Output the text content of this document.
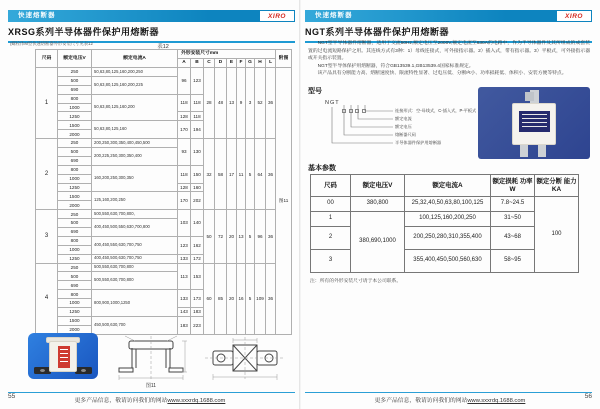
快速熔断器	XIRO
XRSG系列半导体器件保护用熔断器
(螺栓体M型快速熔断器外形安装尺寸见表12
表12
尺码	额定电压V	额定电流A	外形安装尺寸mm									附图
			A	B	C	D	E	F	G	H	L	
1	250	50,63,80,125,160,200,250	96	123	28	48	13	9	3	52	36	图11
	500	50,63,80,125,160,200,225										
	690											
	800	50,63,80,125,160,200	118	118								
	1000											
	1250		128	118								
	1500	50,63,80,125,160	170	194								
	2000											
2	250	200,250,300,350,400,450,500	93	130	32	58	17	11	5	64	36	
	500	200,225,250,300,350,400										
	690											
	800	160,200,250,300,350	118	150								
	1000											
	1250		128	160								
	1500	125,160,200,250	170	202								
	2000											
3	250	500,550,630,700,800,	103	140	50	72	20	13	5	96	36	
	500	400,450,500,550,630,700,800										
	690											
	800	400,450,550,630,700,750	123	162								
	1000											
	1250	400,450,500,630,700,750	133	172								
4	250	500,550,630,700,800	113	153	60	85	20	16	5	109	36	
	500	500,550,630,700,800										
	690											
	800	800,900,1000,1250	133	173								
	1000											
	1250		143	183								
	1500	450,500,630,700	183	223								
	2000											
图11
55
更多产品信息，敬请访问我们的网站www.sxxrdq.1688.com
快速熔断器	XIRO
NGT系列半导体器件保护用熔断器
NGT型半导体器件熔断器，适用于交流50Hz,额定电压至2000V,额定电流至630A的电路中，作为半导体器件及其所组成的成套装置的过电流短路保护之用。其连线方式有3种：1）母线连接式，可外接指示器。2）插入式，带有指示器。3）平板式，可外接指示器或开关指示装置。
NGT型半导体保护用熔断器，符合GB13539.1,GB13539.4国家标准规定。
该产品具有分断能力高、熔断速度快、限流特性显著、过电压低、分断I²t小、功率损耗低、体积小、安装方便等特点。
型号
NGT
连接形式：空-母线式，C-插入式，P-平板式
额定电流
额定电压
熔断器尺码
半导体器件保护用熔断器
基本参数
尺码	额定电压V	额定电流A	额定损耗 功率W	额定分断 能力KA
00	380,800	25,32,40,50,63,80,100,125	7.8~24.5	100
1	380,690,1000	100,125,160,200,250	31~50	
2		200,250,280,310,355,400	43~68	
3		355,400,450,500,560,630	58~95	
注：所有的外形安装尺寸请于本公司联系。
更多产品信息，敬请访问我们的网站www.sxxrdq.1688.com
56
